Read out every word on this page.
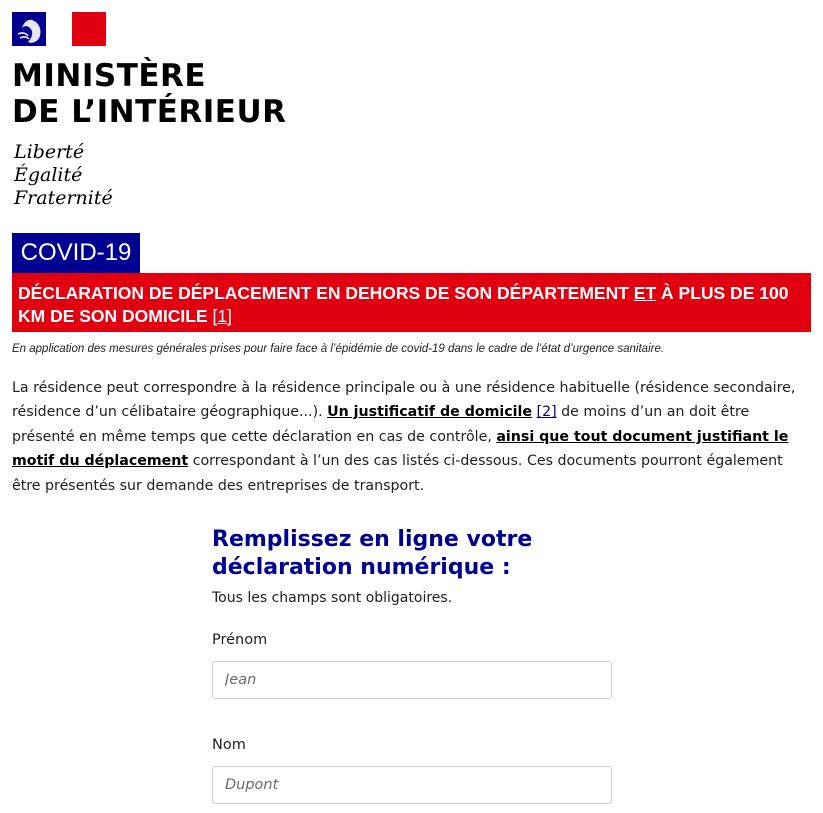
MINISTÈRE
DE L’INTÉRIEUR
Liberté
Égalité
Fraternité
COVID-19

DÉCLARATION DE DÉPLACEMENT EN DEHORS DE SON DÉPARTEMENT ET À PLUS DE 100 KM DE SON DOMICILE [1]

En application des mesures générales prises pour faire face à l’épidémie de covid-19 dans le cadre de l’état d’urgence sanitaire.
La résidence peut correspondre à la résidence principale ou à une résidence habituelle (résidence secondaire, résidence d’un célibataire géographique...). Un justificatif de domicile [2] de moins d’un an doit être présenté en même temps que cette déclaration en cas de contrôle, ainsi que tout document justifiant le motif du déplacement correspondant à l’un des cas listés ci-dessous. Ces documents pourront également être présentés sur demande des entreprises de transport.
Remplissez en ligne votre déclaration numérique :
Tous les champs sont obligatoires.
Prénom
Jean
Nom
Dupont
